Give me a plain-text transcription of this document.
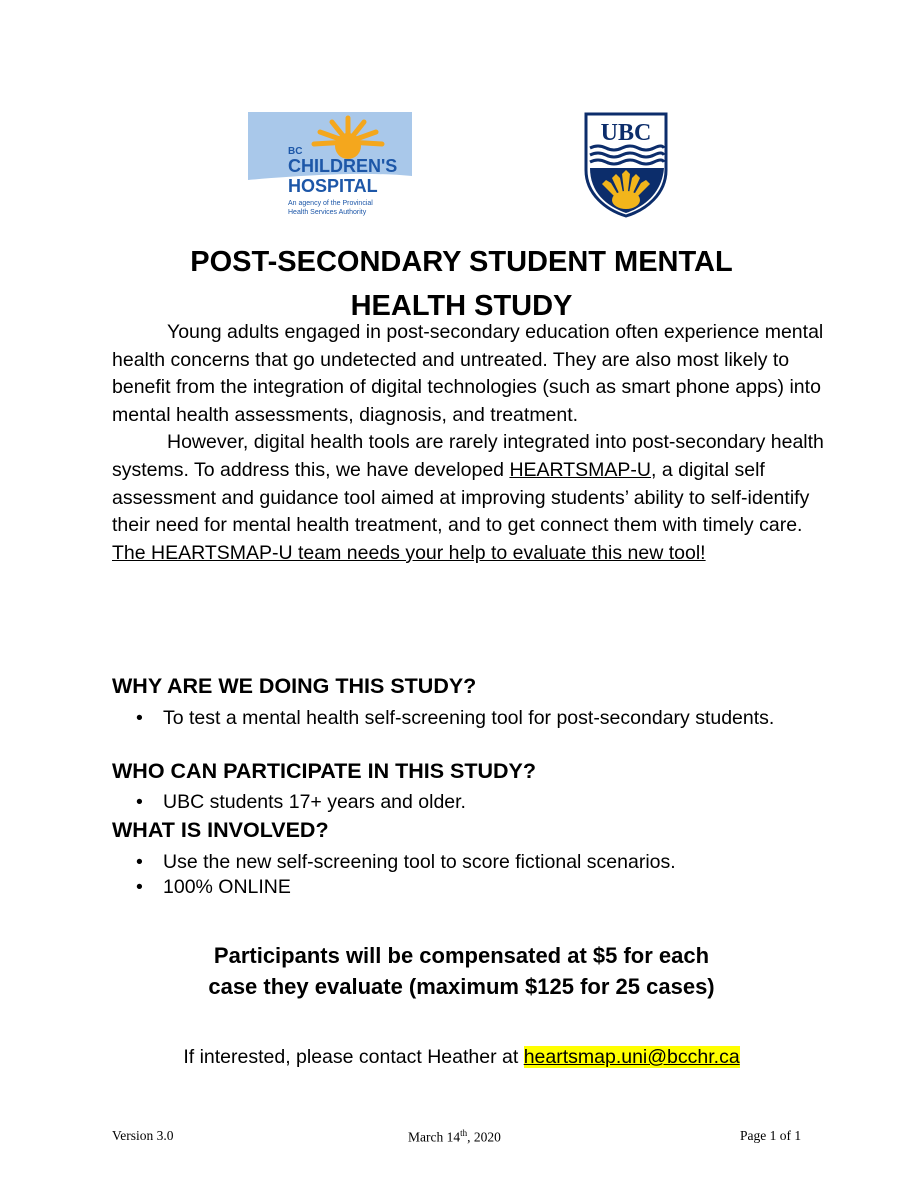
BC
CHILDREN'S
HOSPITAL
An agency of the Provincial
Health Services Authority
UBC
POST-SECONDARY STUDENT MENTAL
HEALTH STUDY

Young adults engaged in post-secondary education often experience mental health concerns that go undetected and untreated. They are also most likely to benefit from the integration of digital technologies (such as smart phone apps) into mental health assessments, diagnosis, and treatment.

However, digital health tools are rarely integrated into post-secondary health systems. To address this, we have developed HEARTSMAP-U, a digital self assessment and guidance tool aimed at improving students’ ability to self-identify their need for mental health treatment, and to get connect them with timely care. The HEARTSMAP-U team needs your help to evaluate this new tool!

WHY ARE WE DOING THIS STUDY?
• To test a mental health self-screening tool for post-secondary students.
WHO CAN PARTICIPATE IN THIS STUDY?
• UBC students 17+ years and older.
WHAT IS INVOLVED?
• Use the new self-screening tool to score fictional scenarios.
• 100% ONLINE
Participants will be compensated at $5 for each
case they evaluate (maximum $125 for 25 cases)
If interested, please contact Heather at heartsmap.uni@bcchr.ca
Version 3.0	March 14th, 2020	Page 1 of 1
